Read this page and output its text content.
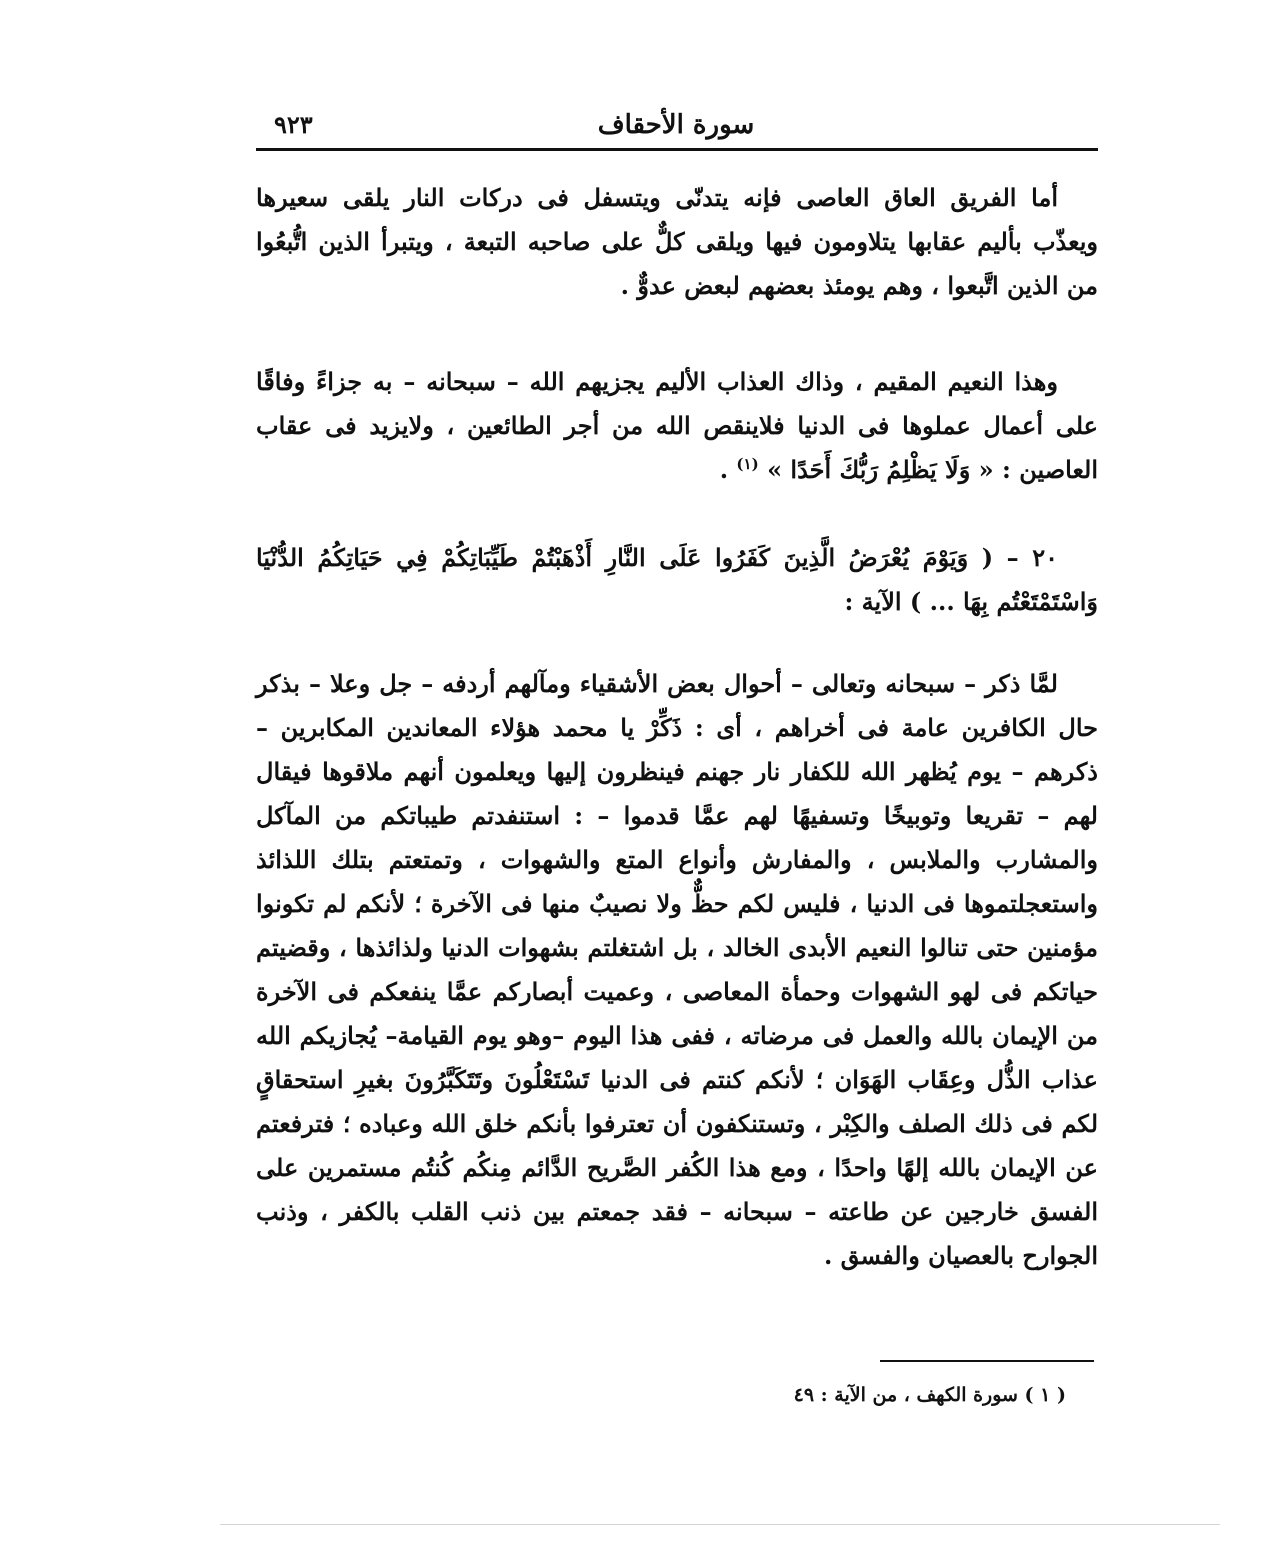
سورة الأحقاف
٩٢٣
أما الفريق العاق العاصى فإنه يتدنّى ويتسفل فى دركات النار يلقى سعيرها ويعذّب بأليم عقابها يتلاومون فيها ويلقى كلٌّ على صاحبه التبعة ، ويتبرأ الذين اتُّبعُوا من الذين اتَّبعوا ، وهم يومئذ بعضهم لبعض عدوٌّ .
وهذا النعيم المقيم ، وذاك العذاب الأليم يجزيهم الله – سبحانه – به جزاءً وفاقًا على أعمال عملوها فى الدنيا فلاينقص الله من أجر الطائعين ، ولايزيد فى عقاب العاصين : « وَلَا يَظْلِمُ رَبُّكَ أَحَدًا » $^{(١)}$ .
٢٠ – ( وَيَوْمَ يُعْرَضُ الَّذِينَ كَفَرُوا عَلَى النَّارِ أَذْهَبْتُمْ طَيِّبَاتِكُمْ فِي حَيَاتِكُمُ الدُّنْيَا وَاسْتَمْتَعْتُم بِهَا ... ) الآية :
لمَّا ذكر – سبحانه وتعالى – أحوال بعض الأشقياء ومآلهم أردفه – جل وعلا – بذكر حال الكافرين عامة فى أخراهم ، أى : ذَكِّرْ يا محمد هؤلاء المعاندين المكابرين – ذكرهم – يوم يُظهر الله للكفار نار جهنم فينظرون إليها ويعلمون أنهم ملاقوها فيقال لهم – تقريعا وتوبيخًا وتسفيهًا لهم عمَّا قدموا – : استنفدتم طيباتكم من المآكل والمشارب والملابس ، والمفارش وأنواع المتع والشهوات ، وتمتعتم بتلك اللذائذ واستعجلتموها فى الدنيا ، فليس لكم حظٌّ ولا نصيبٌ منها فى الآخرة ؛ لأنكم لم تكونوا مؤمنين حتى تنالوا النعيم الأبدى الخالد ، بل اشتغلتم بشهوات الدنيا ولذائذها ، وقضيتم حياتكم فى لهو الشهوات وحمأة المعاصى ، وعميت أبصاركم عمَّا ينفعكم فى الآخرة من الإيمان بالله والعمل فى مرضاته ، ففى هذا اليوم –وهو يوم القيامة– يُجازيكم الله عذاب الذُّل وعِقَاب الهَوَان ؛ لأنكم كنتم فى الدنيا تَسْتَعْلُونَ وتَتَكَبَّرُونَ بغيرِ استحقاقٍ لكم فى ذلك الصلف والكِبْر ، وتستنكفون أن تعترفوا بأنكم خلق الله وعباده ؛ فترفعتم عن الإيمان بالله إلهًا واحدًا ، ومع هذا الكُفر الصَّريح الدَّائم مِنكُم كُنتُم مستمرين على الفسق خارجين عن طاعته – سبحانه – فقد جمعتم بين ذنب القلب بالكفر ، وذنب الجوارح بالعصيان والفسق .
( ١ ) سورة الكهف ، من الآية : ٤٩
